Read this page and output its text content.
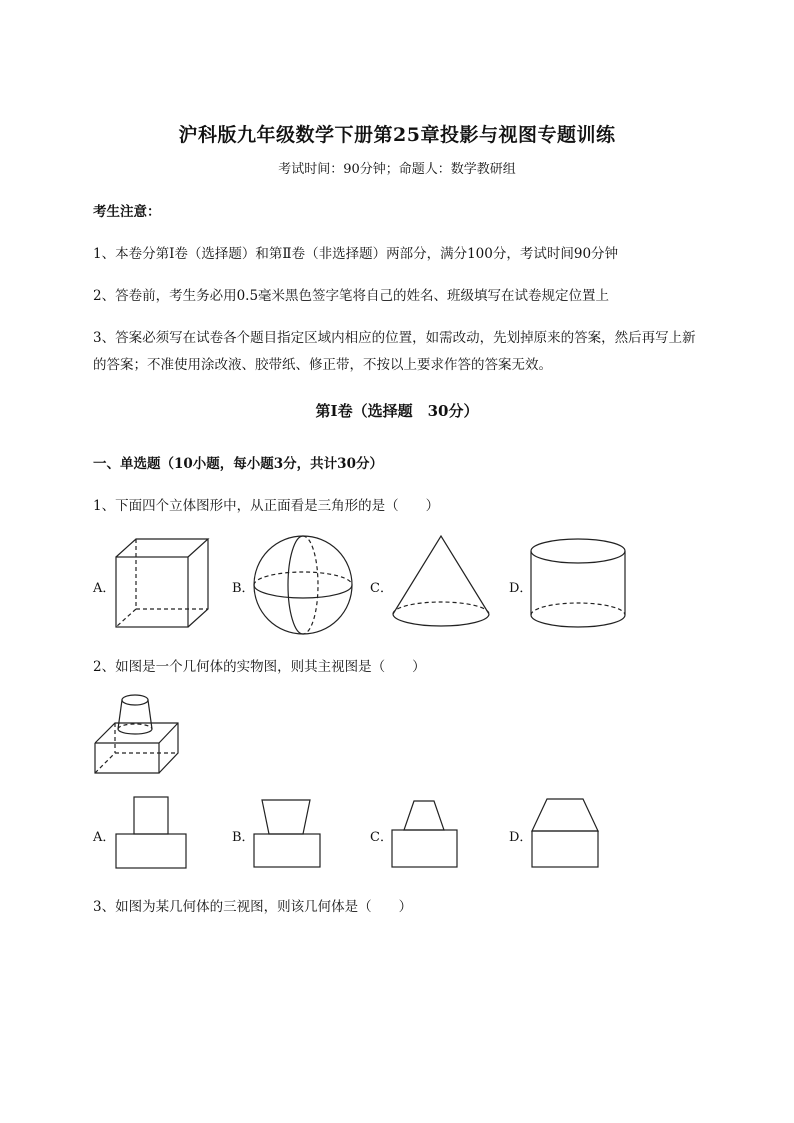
沪科版九年级数学下册第25章投影与视图专题训练
考试时间：90分钟；命题人：数学教研组
考生注意：
1、本卷分第I卷（选择题）和第Ⅱ卷（非选择题）两部分，满分100分，考试时间90分钟
2、答卷前，考生务必用0.5毫米黑色签字笔将自己的姓名、班级填写在试卷规定位置上
3、答案必须写在试卷各个题目指定区域内相应的位置，如需改动，先划掉原来的答案，然后再写上新
的答案；不准使用涂改液、胶带纸、修正带，不按以上要求作答的答案无效。
第I卷（选择题　30分）
一、单选题（10小题，每小题3分，共计30分）
1、下面四个立体图形中，从正面看是三角形的是（　　）
A．	B．	C．	D．
2、如图是一个几何体的实物图，则其主视图是（　　）
A．	B．	C．	D．
3、如图为某几何体的三视图，则该几何体是（　　）
